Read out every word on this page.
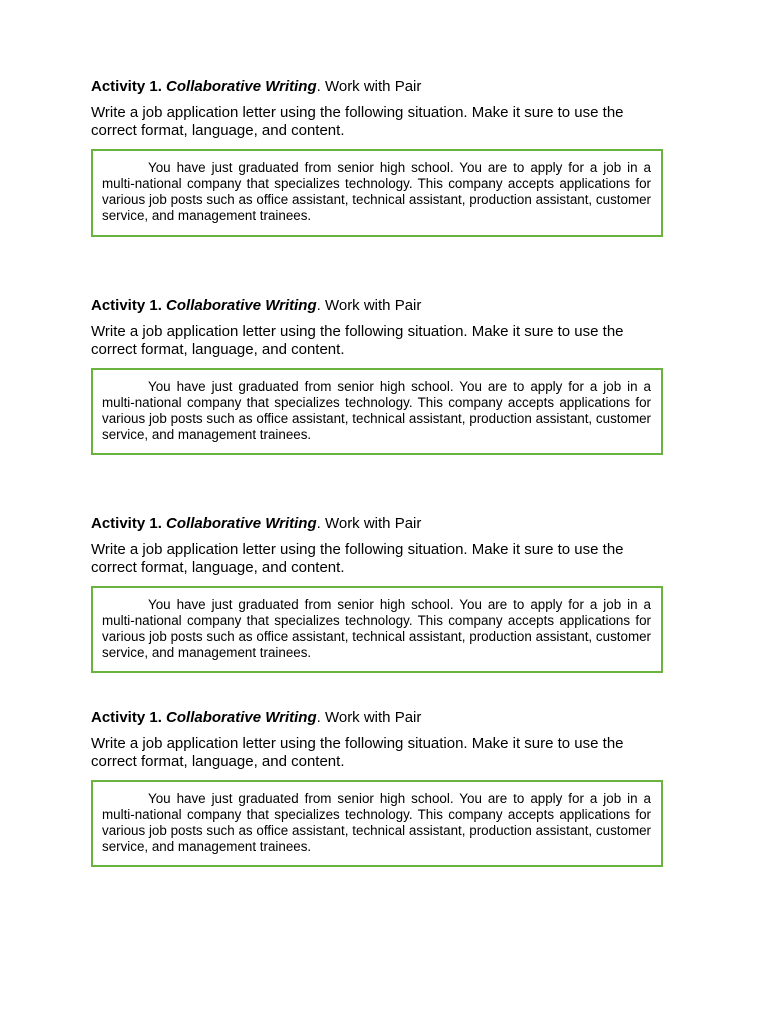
Activity 1. Collaborative Writing. Work with Pair

Write a job application letter using the following situation. Make it sure to use the correct format, language, and content.

You have just graduated from senior high school. You are to apply for a job in a multi-national company that specializes technology. This company accepts applications for various job posts such as office assistant, technical assistant, production assistant, customer service, and management trainees.

Activity 1. Collaborative Writing. Work with Pair

Write a job application letter using the following situation. Make it sure to use the correct format, language, and content.

You have just graduated from senior high school. You are to apply for a job in a multi-national company that specializes technology. This company accepts applications for various job posts such as office assistant, technical assistant, production assistant, customer service, and management trainees.

Activity 1. Collaborative Writing. Work with Pair

Write a job application letter using the following situation. Make it sure to use the correct format, language, and content.

You have just graduated from senior high school. You are to apply for a job in a multi-national company that specializes technology. This company accepts applications for various job posts such as office assistant, technical assistant, production assistant, customer service, and management trainees.

Activity 1. Collaborative Writing. Work with Pair

Write a job application letter using the following situation. Make it sure to use the correct format, language, and content.

You have just graduated from senior high school. You are to apply for a job in a multi-national company that specializes technology. This company accepts applications for various job posts such as office assistant, technical assistant, production assistant, customer service, and management trainees.
